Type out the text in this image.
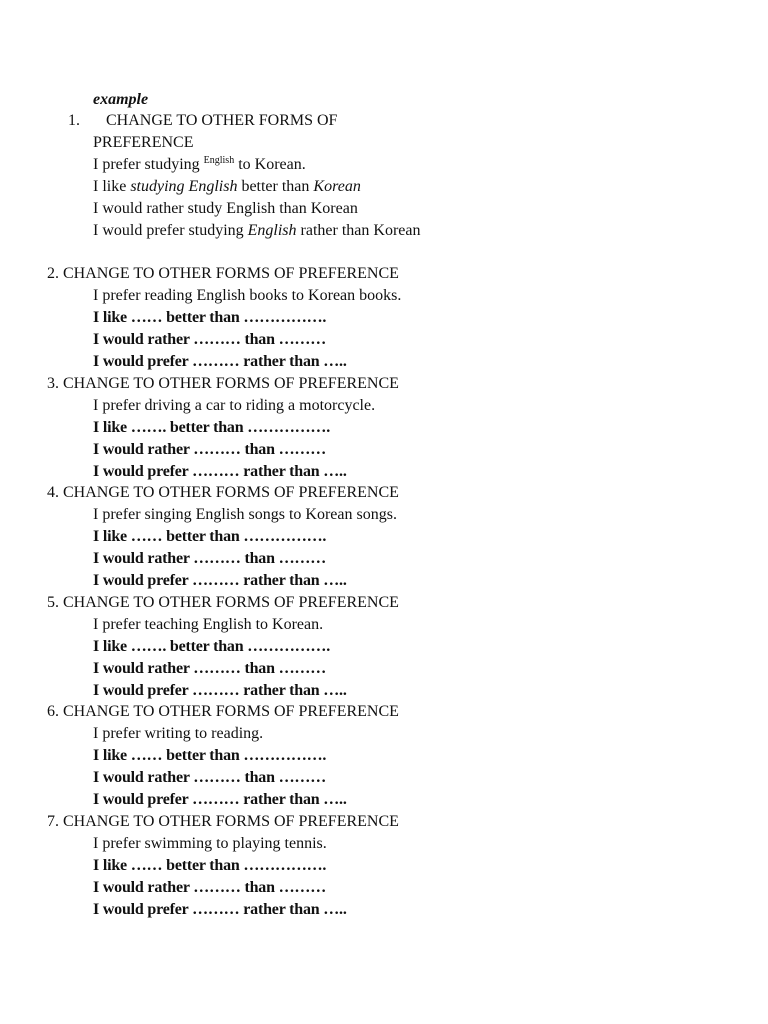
example
1. CHANGE TO OTHER FORMS OF
PREFERENCE
I prefer studying $^{English}$ to Korean.
I like studying English better than Korean
I would rather study English than Korean
I would prefer studying English rather than Korean
2. CHANGE TO OTHER FORMS OF PREFERENCE
I prefer reading English books to Korean books.
I like …… better than …………….
I would rather ……… than ………
I would prefer ……… rather than …..
3. CHANGE TO OTHER FORMS OF PREFERENCE
I prefer driving a car to riding a motorcycle.
I like ……. better than …………….
I would rather ……… than ………
I would prefer ……… rather than …..
4. CHANGE TO OTHER FORMS OF PREFERENCE
I prefer singing English songs to Korean songs.
I like …… better than …………….
I would rather ……… than ………
I would prefer ……… rather than …..
5. CHANGE TO OTHER FORMS OF PREFERENCE
I prefer teaching English to Korean.
I like ……. better than …………….
I would rather ……… than ………
I would prefer ……… rather than …..
6. CHANGE TO OTHER FORMS OF PREFERENCE
I prefer writing to reading.
I like …… better than …………….
I would rather ……… than ………
I would prefer ……… rather than …..
7. CHANGE TO OTHER FORMS OF PREFERENCE
I prefer swimming to playing tennis.
I like …… better than …………….
I would rather ……… than ………
I would prefer ……… rather than …..
